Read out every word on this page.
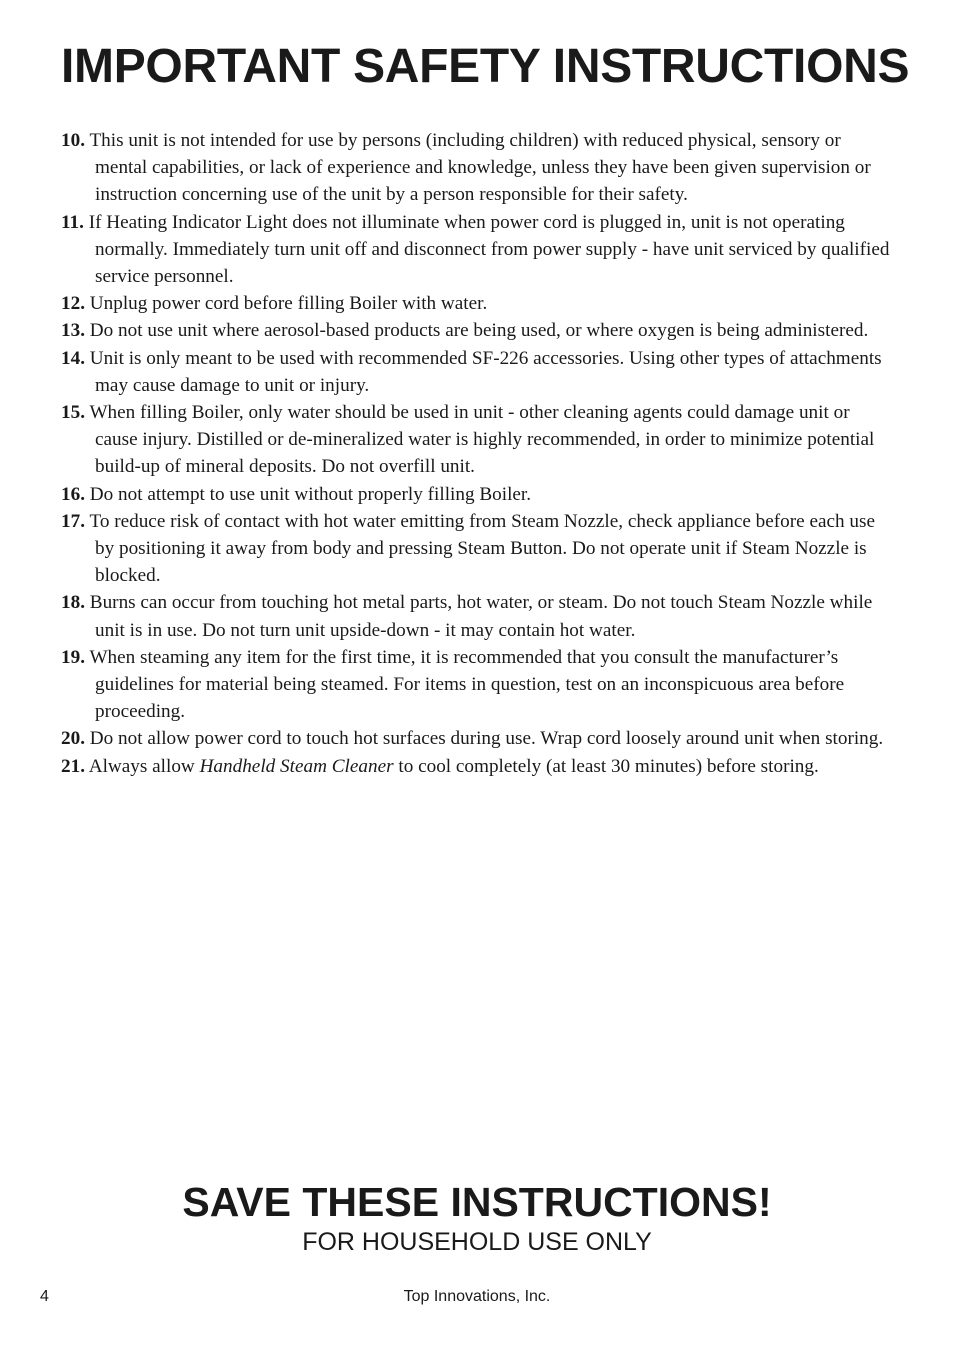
IMPORTANT SAFETY INSTRUCTIONS
10. This unit is not intended for use by persons (including children) with reduced physical, sensory or mental capabilities, or lack of experience and knowledge, unless they have been given supervision or instruction concerning use of the unit by a person responsible for their safety.
11. If Heating Indicator Light does not illuminate when power cord is plugged in, unit is not operating normally. Immediately turn unit off and disconnect from power supply - have unit serviced by qualified service personnel.
12. Unplug power cord before filling Boiler with water.
13. Do not use unit where aerosol-based products are being used, or where oxygen is being administered.
14. Unit is only meant to be used with recommended SF-226 accessories. Using other types of attachments may cause damage to unit or injury.
15. When filling Boiler, only water should be used in unit - other cleaning agents could damage unit or cause injury. Distilled or de-mineralized water is highly recommended, in order to minimize potential build-up of mineral deposits. Do not overfill unit.
16. Do not attempt to use unit without properly filling Boiler.
17. To reduce risk of contact with hot water emitting from Steam Nozzle, check appliance before each use by positioning it away from body and pressing Steam Button. Do not operate unit if Steam Nozzle is blocked.
18. Burns can occur from touching hot metal parts, hot water, or steam. Do not touch Steam Nozzle while unit is in use. Do not turn unit upside-down - it may contain hot water.
19. When steaming any item for the first time, it is recommended that you consult the manufacturer’s guidelines for material being steamed. For items in question, test on an inconspicuous area before proceeding.
20. Do not allow power cord to touch hot surfaces during use. Wrap cord loosely around unit when storing.
21. Always allow Handheld Steam Cleaner to cool completely (at least 30 minutes) before storing.
SAVE THESE INSTRUCTIONS!
FOR HOUSEHOLD USE ONLY
4	Top Innovations, Inc.
